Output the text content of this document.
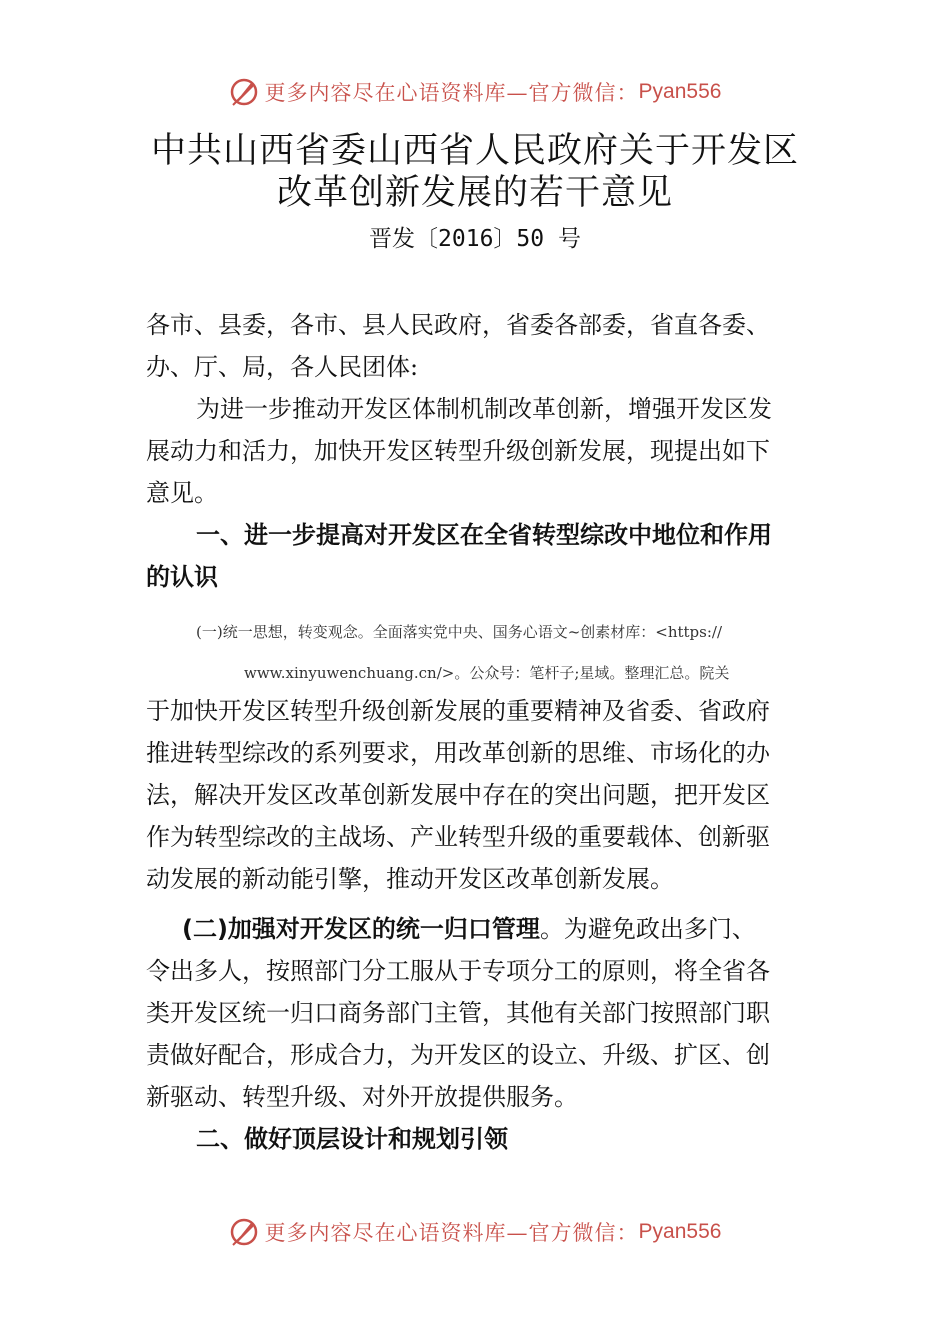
更多内容尽在心语资料库—官方微信： Pyan556
中共山西省委山西省人民政府关于开发区
改革创新发展的若干意见
晋发〔2016〕50 号
各市、县委，各市、县人民政府，省委各部委，省直各委、
办、厅、局，各人民团体:
为进一步推动开发区体制机制改革创新，增强开发区发
展动力和活力，加快开发区转型升级创新发展，现提出如下
意见。
一、进一步提高对开发区在全省转型综改中地位和作用
的认识
(一)统一思想，转变观念。全面落实党中央、国务心语文~创素材库：<https://
www.xinyuwenchuang.cn/>。公众号：笔杆子;星域。整理汇总。院关
于加快开发区转型升级创新发展的重要精神及省委、省政府
推进转型综改的系列要求，用改革创新的思维、市场化的办
法，解决开发区改革创新发展中存在的突出问题，把开发区
作为转型综改的主战场、产业转型升级的重要载体、创新驱
动发展的新动能引擎，推动开发区改革创新发展。
(二)加强对开发区的统一归口管理。为避免政出多门、
令出多人，按照部门分工服从于专项分工的原则，将全省各
类开发区统一归口商务部门主管，其他有关部门按照部门职
责做好配合，形成合力，为开发区的设立、升级、扩区、创
新驱动、转型升级、对外开放提供服务。
二、做好顶层设计和规划引领
更多内容尽在心语资料库—官方微信： Pyan556
